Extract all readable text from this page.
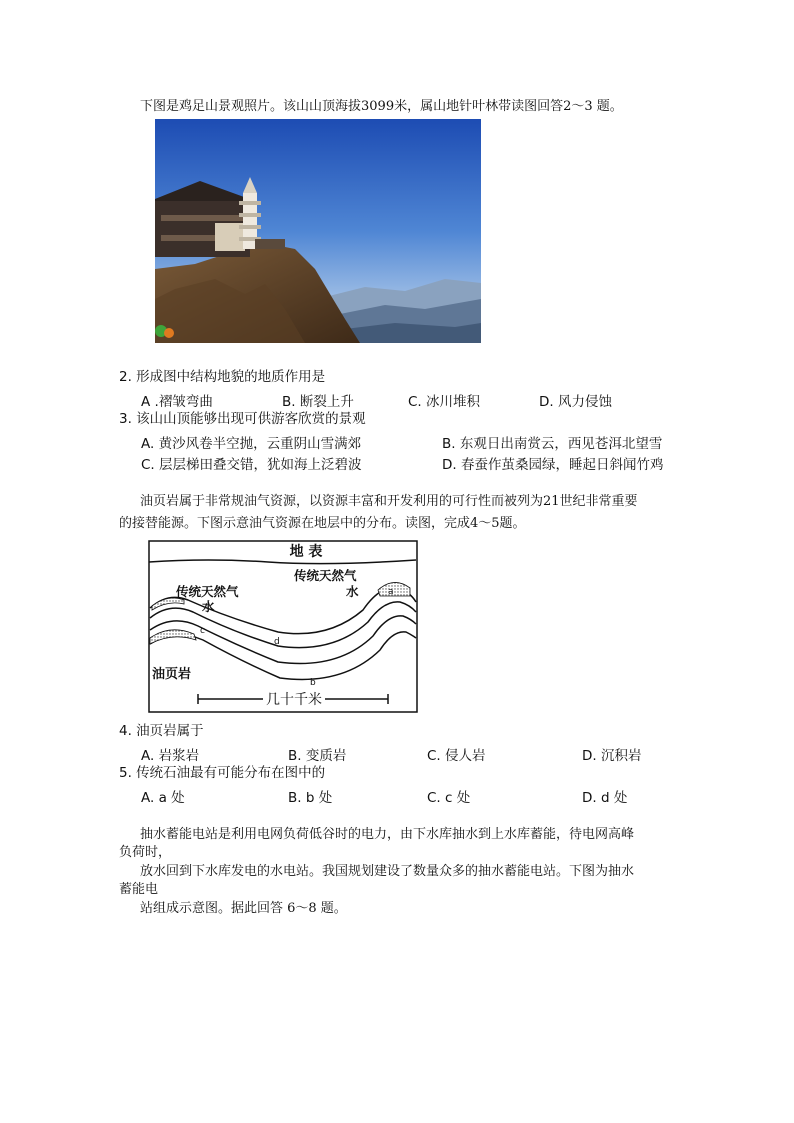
下图是鸡足山景观照片。该山山顶海拔3099米，属山地针叶林带读图回答2～3 题。
2. 形成图中结构地貌的地质作用是
A .褶皱弯曲	B. 断裂上升	C. 冰川堆积	D. 风力侵蚀
3. 该山山顶能够出现可供游客欣赏的景观
A. 黄沙风卷半空抛，云重阴山雪满郊	B. 东观日出南赏云，西见苍洱北望雪
C. 层层梯田叠交错，犹如海上泛碧波	D. 春蚕作茧桑园绿，睡起日斜闻竹鸡
油页岩属于非常规油气资源，以资源丰富和开发利用的可行性而被列为21世纪非常重要
的接替能源。下图示意油气资源在地层中的分布。读图，完成4～5题。
几十千米
地 表
传统天然气
水
传统天然气
水
油页岩
a
b
c
d
4. 油页岩属于
A. 岩浆岩	B. 变质岩	C. 侵人岩	D. 沉积岩
5. 传统石油最有可能分布在图中的
A. a 处	B. b 处	C. c 处	D. d 处
抽水蓄能电站是利用电网负荷低谷时的电力，由下水库抽水到上水库蓄能，待电网高峰
负荷时，
放水回到下水库发电的水电站。我国规划建设了数量众多的抽水蓄能电站。下图为抽水
蓄能电
站组成示意图。据此回答 6～8 题。
